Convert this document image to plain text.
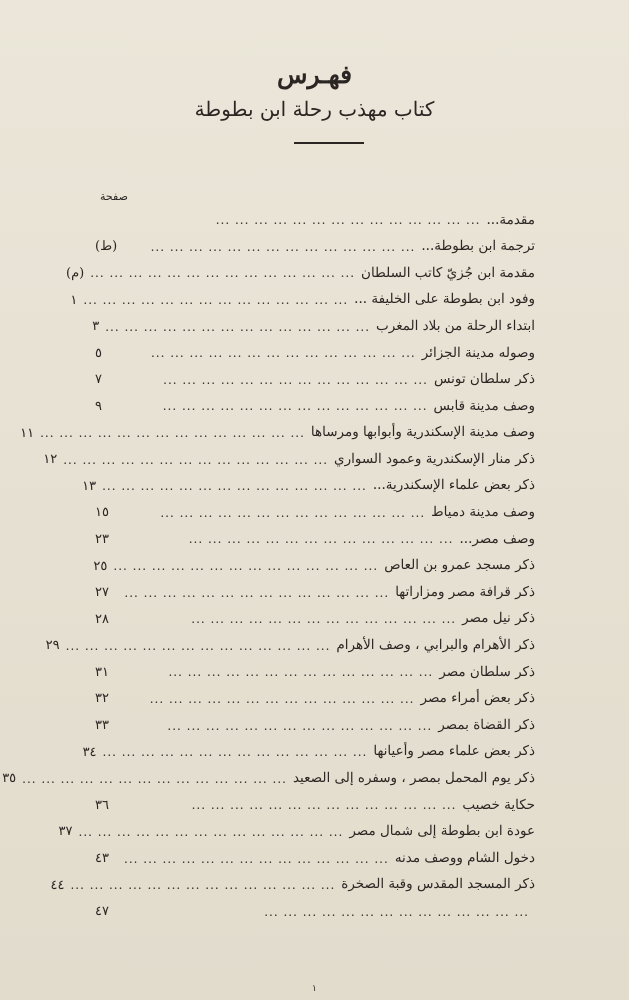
فهـرس
كتاب مهذب رحلة ابن بطوطة
صفحة
مقدمة...
... ... ... ... ... ... ... ... ... ... ... ... ... ...
ترجمة ابن بطوطة...
... ... ... ... ... ... ... ... ... ... ... ... ... ...
(ط)
مقدمة ابن جُزيّ كاتب السلطان
... ... ... ... ... ... ... ... ... ... ... ... ... ...
(م)
وفود ابن بطوطة على الخليفة ...
... ... ... ... ... ... ... ... ... ... ... ... ... ...
١
ابتداء الرحلة من بلاد المغرب
... ... ... ... ... ... ... ... ... ... ... ... ... ...
٣
وصوله مدينة الجزائر
... ... ... ... ... ... ... ... ... ... ... ... ... ...
٥
ذكر سلطان تونس
... ... ... ... ... ... ... ... ... ... ... ... ... ...
٧
وصف مدينة قابس
... ... ... ... ... ... ... ... ... ... ... ... ... ...
٩
وصف مدينة الإسكندرية وأبوابها ومرساها
... ... ... ... ... ... ... ... ... ... ... ... ... ...
١١
ذكر منار الإسكندرية وعمود السواري
... ... ... ... ... ... ... ... ... ... ... ... ... ...
١٢
ذكر بعض علماء الإسكندرية...
... ... ... ... ... ... ... ... ... ... ... ... ... ...
١٣
وصف مدينة دمياط
... ... ... ... ... ... ... ... ... ... ... ... ... ...
١٥
وصف مصر...
... ... ... ... ... ... ... ... ... ... ... ... ... ...
٢٣
ذكر مسجد عمرو بن العاص
... ... ... ... ... ... ... ... ... ... ... ... ... ...
٢٥
ذكر قرافة مصر ومزاراتها
... ... ... ... ... ... ... ... ... ... ... ... ... ...
٢٧
ذكر نيل مصر
... ... ... ... ... ... ... ... ... ... ... ... ... ...
٢٨
ذكر الأهرام والبرابي ، وصف الأهرام
... ... ... ... ... ... ... ... ... ... ... ... ... ...
٢٩
ذكر سلطان مصر
... ... ... ... ... ... ... ... ... ... ... ... ... ...
٣١
ذكر بعض أمراء مصر
... ... ... ... ... ... ... ... ... ... ... ... ... ...
٣٢
ذكر القضاة بمصر
... ... ... ... ... ... ... ... ... ... ... ... ... ...
٣٣
ذكر بعض علماء مصر وأعيانها
... ... ... ... ... ... ... ... ... ... ... ... ... ...
٣٤
ذكر يوم المحمل بمصر ، وسفره إلى الصعيد
... ... ... ... ... ... ... ... ... ... ... ... ... ...
٣٥
حكاية خصيب
... ... ... ... ... ... ... ... ... ... ... ... ... ...
٣٦
عودة ابن بطوطة إلى شمال مصر
... ... ... ... ... ... ... ... ... ... ... ... ... ...
٣٧
دخول الشام ووصف مدنه
... ... ... ... ... ... ... ... ... ... ... ... ... ...
٤٣
ذكر المسجد المقدس وقبة الصخرة
... ... ... ... ... ... ... ... ... ... ... ... ... ...
٤٤
... ... ... ... ... ... ... ... ... ... ... ... ... ...
٤٧
١
